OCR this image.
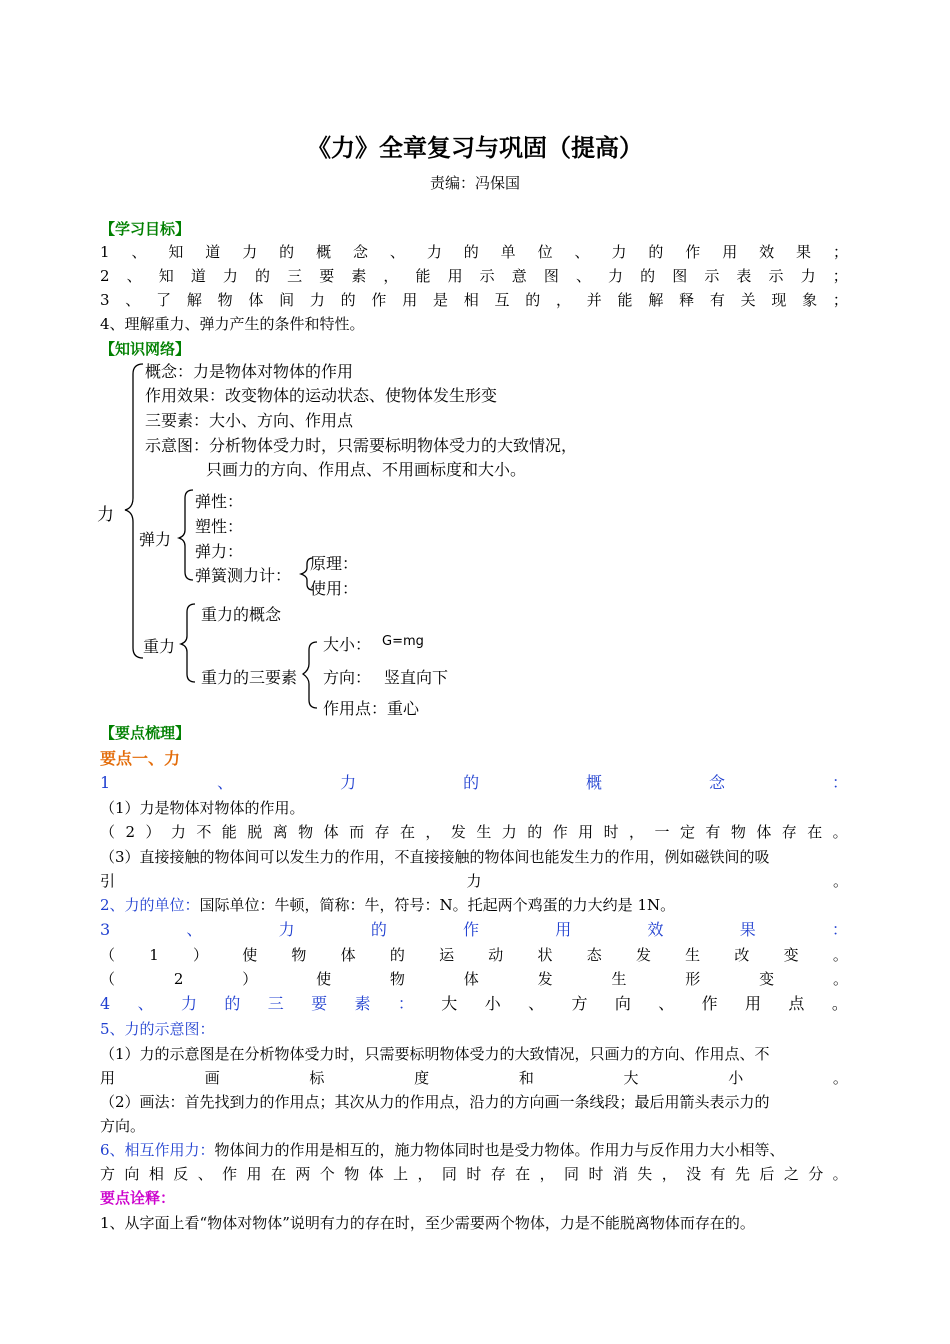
《力》全章复习与巩固（提高）
责编：冯保国
【学习目标】
1 、 知 道 力 的 概 念 、 力 的 单 位 、 力 的 作 用 效 果 ；
2 、 知 道 力 的 三 要 素 ， 能 用 示 意 图 、 力 的 图 示 表 示 力 ；
3 、 了 解 物 体 间 力 的 作 用 是 相 互 的 ， 并 能 解 释 有 关 现 象 ；
4、理解重力、弹力产生的条件和特性。
【知识网络】
力
概念：力是物体对物体的作用
作用效果：改变物体的运动状态、使物体发生形变
三要素：大小、方向、作用点
示意图：分析物体受力时，只需要标明物体受力的大致情况，
只画力的方向、作用点、不用画标度和大小。
弹力
弹性：
塑性：
弹力：
弹簧测力计：
原理：
使用：
重力
重力的概念
重力的三要素
大小： G=mg
方向： 竖直向下
作用点：重心
【要点梳理】
要点一、力
1	、	力	的	概	念	：
（1）力是物体对物体的作用。
（ 2 ） 力 不 能 脱 离 物 体 而 存 在 ， 发 生 力 的 作 用 时 ， 一 定 有 物 体 存 在 。
（3）直接接触的物体间可以发生力的作用，不直接接触的物体间也能发生力的作用，例如磁铁间的吸
引	力	。
2、力的单位：国际单位：牛顿，简称：牛，符号：N。托起两个鸡蛋的力大约是 1N。
3	、	力	的	作	用	效	果	：
（ 1 ） 使 物 体 的 运 动 状 态 发 生 改 变 。
（	2	）	使	物	体	发	生	形	变	。
4 、 力 的 三 要 素 ： 大 小 、 方 向 、 作 用 点 。
5、力的示意图：
（1）力的示意图是在分析物体受力时，只需要标明物体受力的大致情况，只画力的方向、作用点、不
用	画	标	度	和	大	小	。
（2）画法：首先找到力的作用点；其次从力的作用点，沿力的方向画一条线段；最后用箭头表示力的
方向。
6、相互作用力：物体间力的作用是相互的，施力物体同时也是受力物体。作用力与反作用力大小相等、
方 向 相 反 、 作 用 在 两 个 物 体 上 ， 同 时 存 在 ， 同 时 消 失 ， 没 有 先 后 之 分 。
要点诠释：
1、从字面上看“物体对物体”说明有力的存在时，至少需要两个物体，力是不能脱离物体而存在的。
